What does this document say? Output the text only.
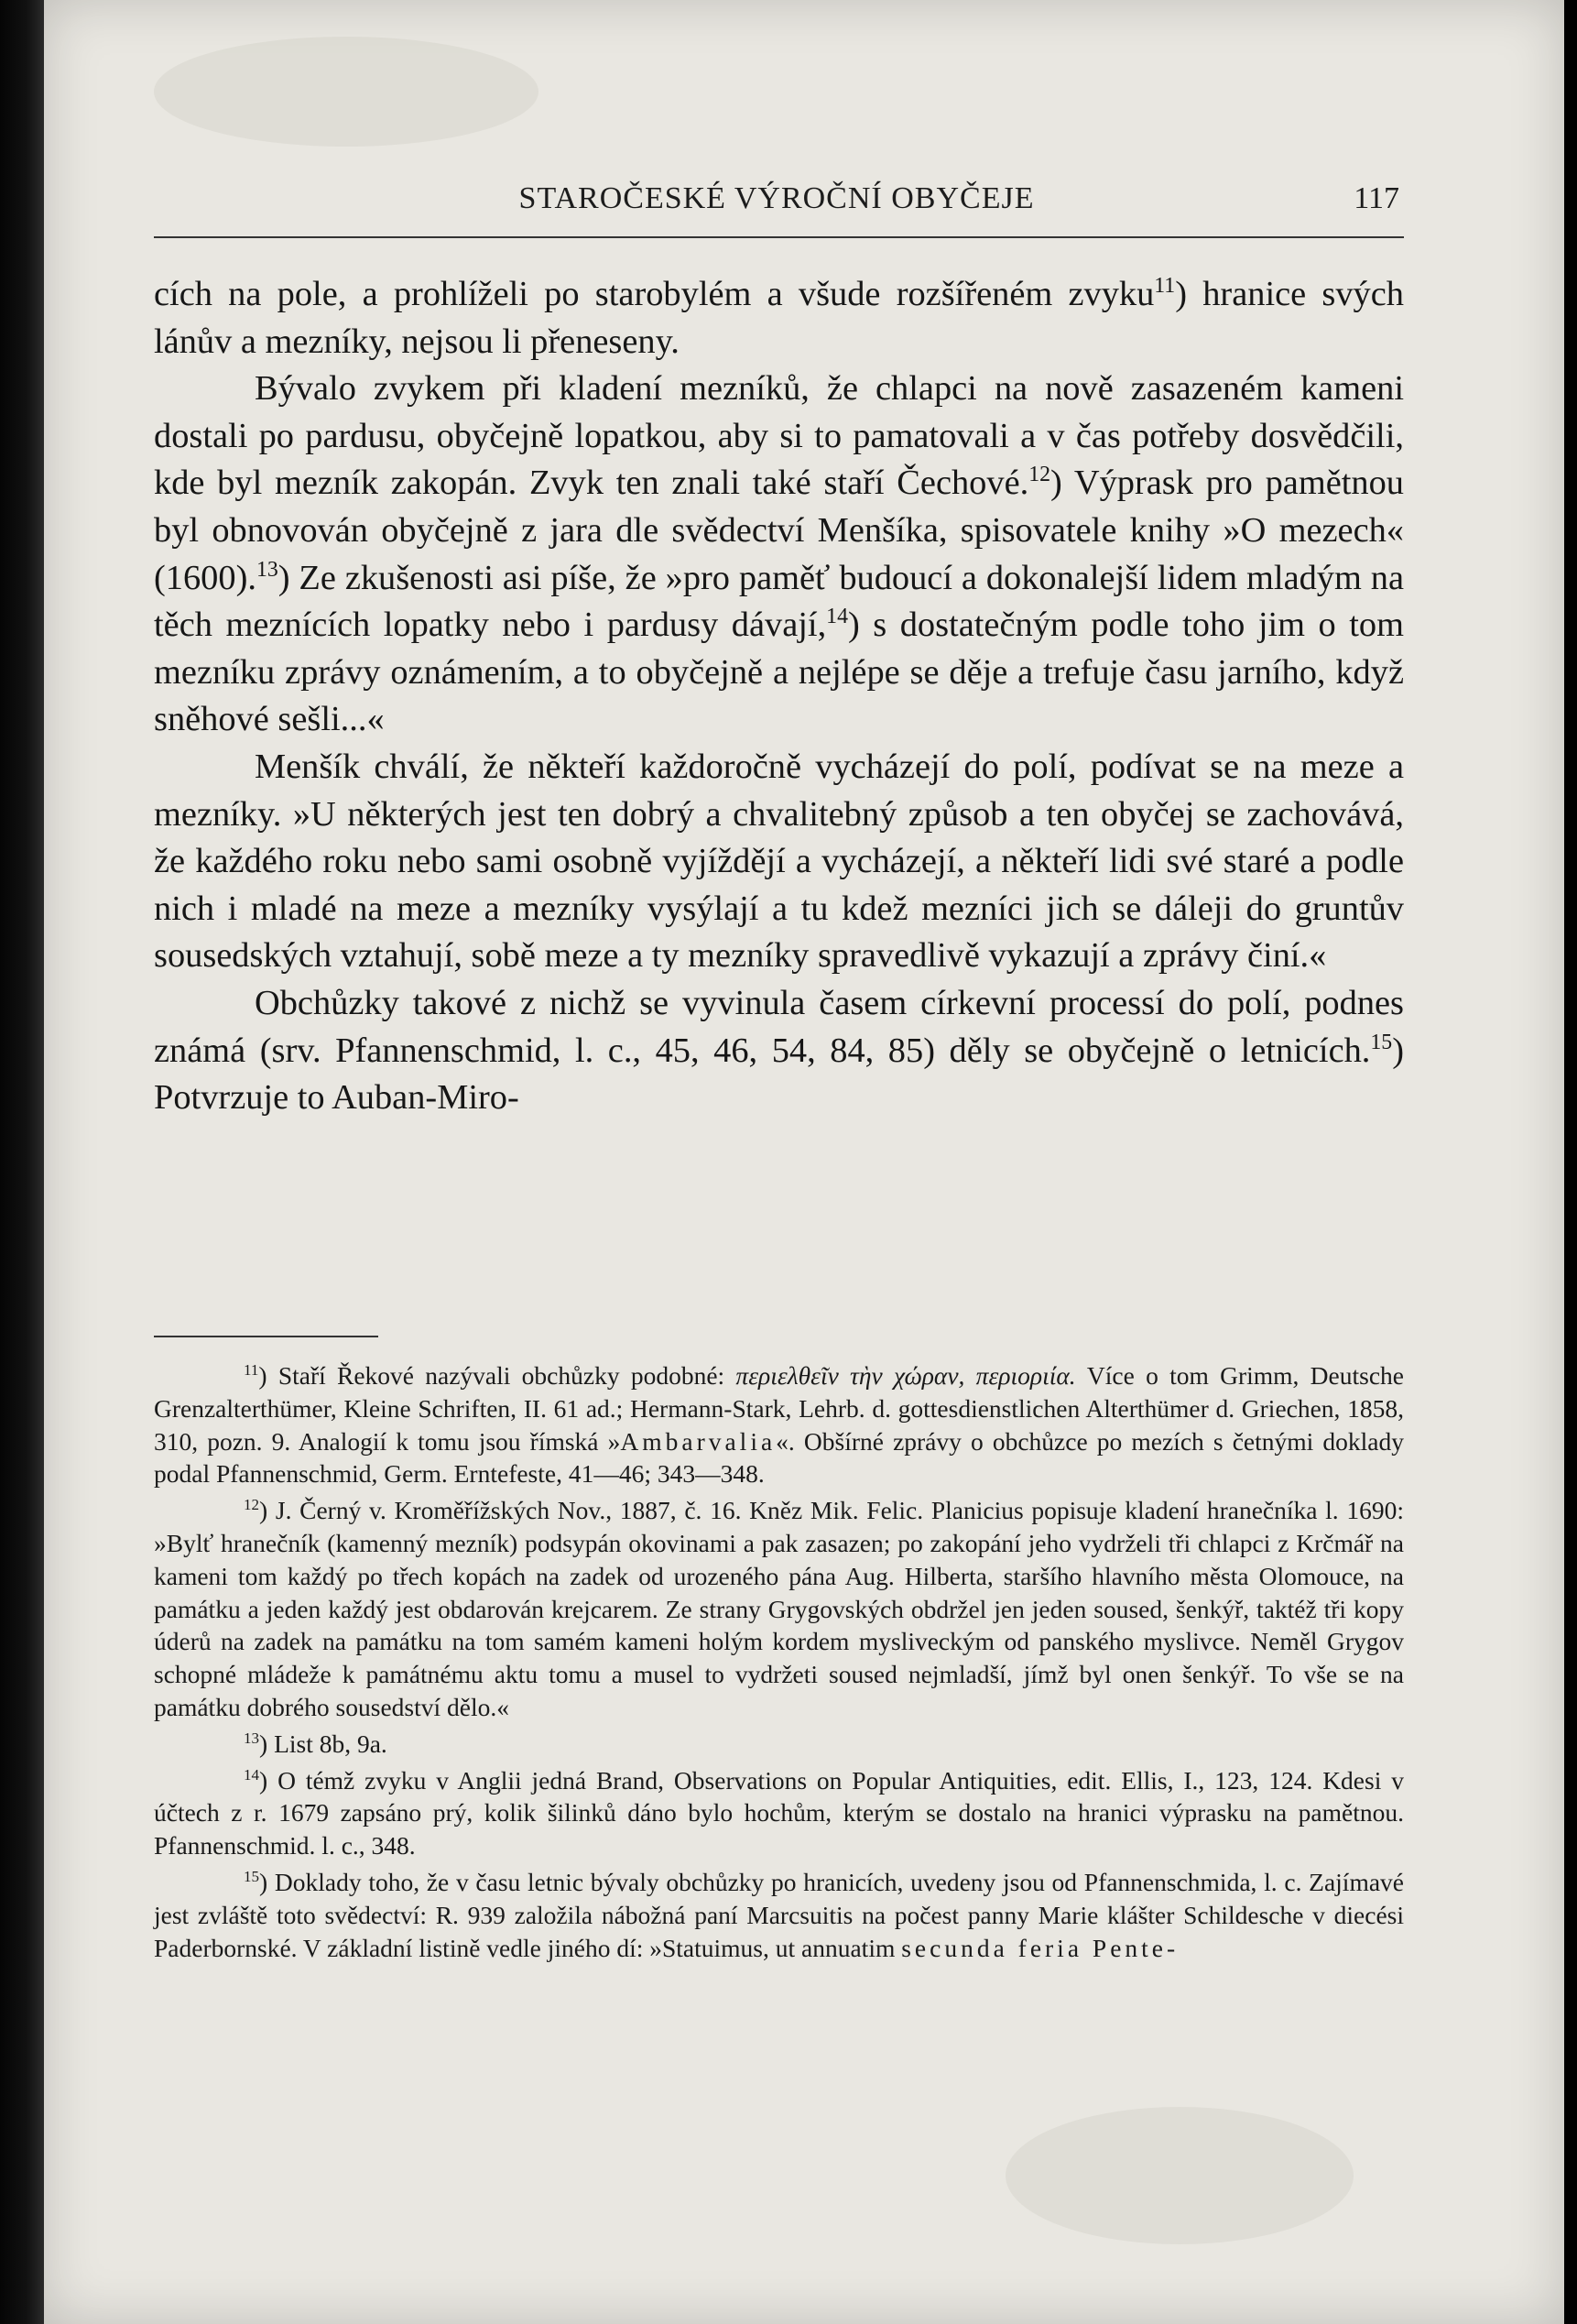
STAROČESKÉ VÝROČNÍ OBYČEJE	117

cích na pole, a prohlíželi po starobylém a všude rozšířeném zvyku$^{11}$) hranice svých lánův a mezníky, nejsou li přeneseny.

Bývalo zvykem při kladení mezníků, že chlapci na nově zasazeném kameni dostali po pardusu, obyčejně lopatkou, aby si to pamatovali a v čas potřeby dosvědčili, kde byl mezník zakopán. Zvyk ten znali také staří Čechové.$^{12}$) Výprask pro pamětnou byl obnovován obyčejně z jara dle svědectví Menšíka, spisovatele knihy »O mezech« (1600).$^{13}$) Ze zkušenosti asi píše, že »pro paměť budoucí a dokonalejší lidem mladým na těch meznících lopatky nebo i pardusy dávají,$^{14}$) s dostatečným podle toho jim o tom mezníku zprávy oznámením, a to obyčejně a nejlépe se děje a trefuje času jarního, když sněhové sešli...«

Menšík chválí, že někteří každoročně vycházejí do polí, podívat se na meze a mezníky. »U některých jest ten dobrý a chvalitebný způsob a ten obyčej se zachovává, že každého roku nebo sami osobně vyjíždějí a vycházejí, a někteří lidi své staré a podle nich i mladé na meze a mezníky vysýlají a tu kdež mezníci jich se dáleji do gruntův sousedských vztahují, sobě meze a ty mezníky spravedlivě vykazují a zprávy činí.«

Obchůzky takové z nichž se vyvinula časem církevní processí do polí, podnes známá (srv. Pfannenschmid, l. c., 45, 46, 54, 84, 85) děly se obyčejně o letnicích.$^{15}$) Potvrzuje to Auban-Miro-

$^{11}$) Staří Řekové nazývali obchůzky podobné: περιελθεῖν τὴν χώραν, περιοριία. Více o tom Grimm, Deutsche Grenzalterthümer, Kleine Schriften, II. 61 ad.; Hermann-Stark, Lehrb. d. gottesdienstlichen Alterthümer d. Griechen, 1858, 310, pozn. 9. Analogií k tomu jsou římská »Ambarvalia«. Obšírné zprávy o obchůzce po mezích s četnými doklady podal Pfannenschmid, Germ. Erntefeste, 41—46; 343—348.

$^{12}$) J. Černý v. Kroměřížských Nov., 1887, č. 16. Kněz Mik. Felic. Planicius popisuje kladení hranečníka l. 1690: »Bylť hranečník (kamenný mezník) podsypán okovinami a pak zasazen; po zakopání jeho vydrželi tři chlapci z Krčmář na kameni tom každý po třech kopách na zadek od urozeného pána Aug. Hilberta, staršího hlavního města Olomouce, na památku a jeden každý jest obdarován krejcarem. Ze strany Grygovských obdržel jen jeden soused, šenkýř, taktéž tři kopy úderů na zadek na památku na tom samém kameni holým kordem mysliveckým od panského myslivce. Neměl Grygov schopné mládeže k památnému aktu tomu a musel to vydržeti soused nejmladší, jímž byl onen šenkýř. To vše se na památku dobrého sousedství dělo.«

$^{13}$) List 8b, 9a.

$^{14}$) O témž zvyku v Anglii jedná Brand, Observations on Popular Antiquities, edit. Ellis, I., 123, 124. Kdesi v účtech z r. 1679 zapsáno prý, kolik šilinků dáno bylo hochům, kterým se dostalo na hranici výprasku na pamětnou. Pfannenschmid. l. c., 348.

$^{15}$) Doklady toho, že v času letnic bývaly obchůzky po hranicích, uvedeny jsou od Pfannenschmida, l. c. Zajímavé jest zvláště toto svědectví: R. 939 založila nábožná paní Marcsuitis na počest panny Marie klášter Schildesche v diecési Paderbornské. V základní listině vedle jiného dí: »Statuimus, ut annuatim secunda feria Pente-
